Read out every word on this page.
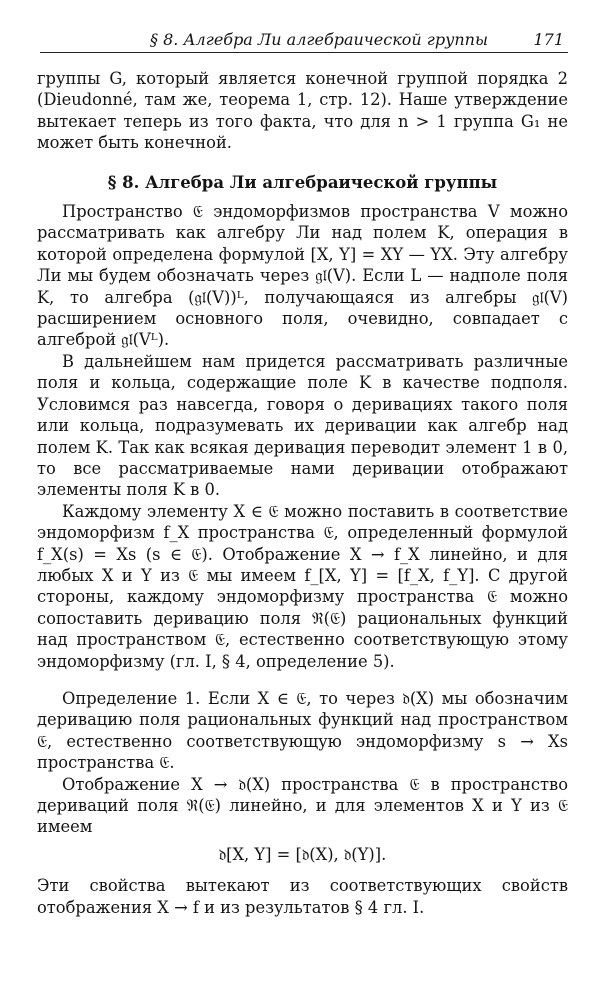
§ 8. Алгебра Ли алгебраической группы	171

группы G, который является конечной группой порядка 2 (Dieudonné, там же, теорема 1, стр. 12). Наше утверждение вытекает теперь из того факта, что для n > 1 группа G₁ не может быть конечной.

§ 8. Алгебра Ли алгебраической группы

Пространство 𝔈 эндоморфизмов пространства V можно рассматривать как алгебру Ли над полем K, операция в которой определена формулой [X, Y] = XY — YX. Эту алгебру Ли мы будем обозначать через 𝔤𝔩(V). Если L — надполе поля K, то алгебра (𝔤𝔩(V))ᴸ, получающаяся из алгебры 𝔤𝔩(V) расширением основного поля, очевидно, совпадает с алгеброй 𝔤𝔩(Vᴸ).

В дальнейшем нам придется рассматривать различные поля и кольца, содержащие поле K в качестве подполя. Условимся раз навсегда, говоря о деривациях такого поля или кольца, подразумевать их деривации как алгебр над полем K. Так как всякая деривация переводит элемент 1 в 0, то все рассматриваемые нами деривации отображают элементы поля K в 0.

Каждому элементу X ∈ 𝔈 можно поставить в соответствие эндоморфизм f_X пространства 𝔈, определенный формулой f_X(s) = Xs (s ∈ 𝔈). Отображение X → f_X линейно, и для любых X и Y из 𝔈 мы имеем f_[X, Y] = [f_X, f_Y]. С другой стороны, каждому эндоморфизму пространства 𝔈 можно сопоставить деривацию поля ℜ(𝔈) рациональных функций над пространством 𝔈, естественно соответствующую этому эндоморфизму (гл. I, § 4, определение 5).

Определение 1. Если X ∈ 𝔈, то через 𝔡(X) мы обозначим деривацию поля рациональных функций над пространством 𝔈, естественно соответствующую эндоморфизму s → Xs пространства 𝔈.

Отображение X → 𝔡(X) пространства 𝔈 в пространство дериваций поля ℜ(𝔈) линейно, и для элементов X и Y из 𝔈 имеем

𝔡[X, Y] = [𝔡(X), 𝔡(Y)].

Эти свойства вытекают из соответствующих свойств отображения X → f и из результатов § 4 гл. I.
